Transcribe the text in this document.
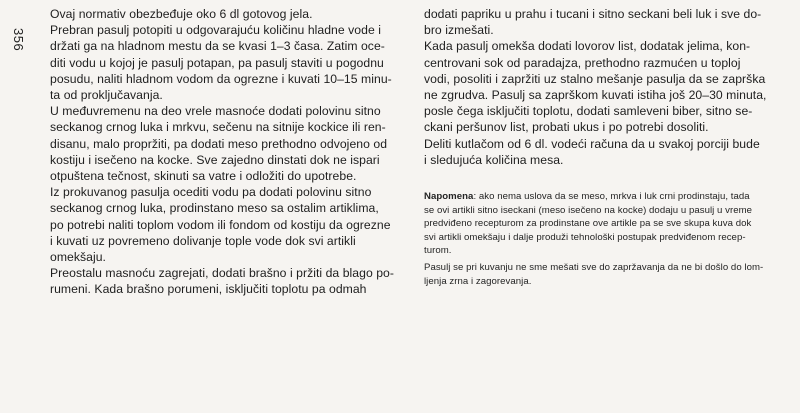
356

Ovaj normativ obezbeđuje oko 6 dl gotovog jela.

Prebran pasulj potopiti u odgovarajuću količinu hladne vode i
držati ga na hladnom mestu da se kvasi 1–3 časa. Zatim oce-
diti vodu u kojoj je pasulj potapan, pa pasulj staviti u pogodnu
posudu, naliti hladnom vodom da ogrezne i kuvati 10–15 minu-
ta od proključavanja.

U međuvremenu na deo vrele masnoće dodati polovinu sitno
seckanog crnog luka i mrkvu, sečenu na sitnije kockice ili ren-
disanu, malo propržiti, pa dodati meso prethodno odvojeno od
kostiju i isečeno na kocke. Sve zajedno dinstati dok ne ispari
otpuštena tečnost, skinuti sa vatre i odložiti do upotrebe.

Iz prokuvanog pasulja ocediti vodu pa dodati polovinu sitno
seckanog crnog luka, prodinstano meso sa ostalim artiklima,
po potrebi naliti toplom vodom ili fondom od kostiju da ogrezne
i kuvati uz povremeno dolivanje tople vode dok svi artikli
omekšaju.

Preostalu masnoću zagrejati, dodati brašno i pržiti da blago po-
rumeni. Kada brašno porumeni, isključiti toplotu pa odmah

dodati papriku u prahu i tucani i sitno seckani beli luk i sve do-
bro izmešati.

Kada pasulj omekša dodati lovorov list, dodatak jelima, kon-
centrovani sok od paradajza, prethodno razmućen u toploj
vodi, posoliti i zapržiti uz stalno mešanje pasulja da se zaprška
ne zgrudva. Pasulj sa zaprškom kuvati istiha još 20–30 minuta,
posle čega isključiti toplotu, dodati samleveni biber, sitno se-
ckani peršunov list, probati ukus i po potrebi dosoliti.

Deliti kutlačom od 6 dl. vodeći računa da u svakoj porciji bude
i sledujuća količina mesa.

Napomena: ako nema uslova da se meso, mrkva i luk crni prodinstaju, tada
se ovi artikli sitno iseckani (meso isečeno na kocke) dodaju u pasulj u vreme
predviđeno recepturom za prodinstane ove artikle pa se sve skupa kuva dok
svi artikli omekšaju i dalje produži tehnološki postupak predviđenom recep-
turom.

Pasulj se pri kuvanju ne sme mešati sve do zapržavanja da ne bi došlo do lom-
ljenja zrna i zagorevanja.
